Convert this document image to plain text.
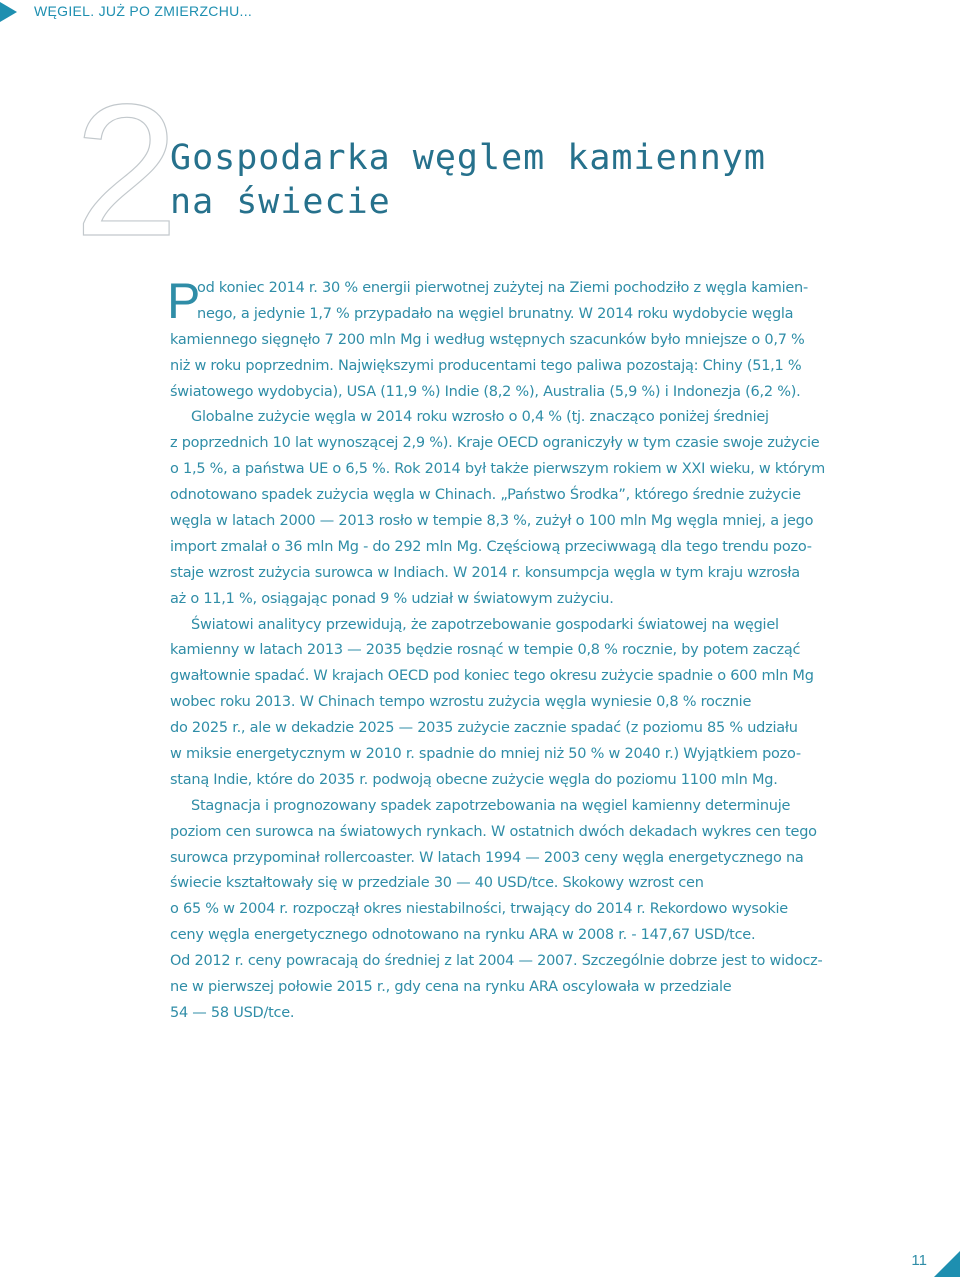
WĘGIEL. JUŻ PO ZMIERZCHU...
2
Gospodarka węglem kamiennym
na świecie
P
od koniec 2014 r. 30 % energii pierwotnej zużytej na Ziemi pochodziło z węgla kamien-
nego, a jedynie 1,7 % przypadało na węgiel brunatny. W 2014 roku wydobycie węgla
kamiennego sięgnęło 7 200 mln Mg i według wstępnych szacunków było mniejsze o 0,7 %
niż w roku poprzednim. Największymi producentami tego paliwa pozostają: Chiny (51,1 %
światowego wydobycia), USA (11,9 %) Indie (8,2 %), Australia (5,9 %) i Indonezja (6,2 %).
Globalne zużycie węgla w 2014 roku wzrosło o 0,4 % (tj. znacząco poniżej średniej
z poprzednich 10 lat wynoszącej 2,9 %). Kraje OECD ograniczyły w tym czasie swoje zużycie
o 1,5 %, a państwa UE o 6,5 %. Rok 2014 był także pierwszym rokiem w XXI wieku, w którym
odnotowano spadek zużycia węgla w Chinach. „Państwo Środka”, którego średnie zużycie
węgla w latach 2000 — 2013 rosło w tempie 8,3 %, zużył o 100 mln Mg węgla mniej, a jego
import zmalał o 36 mln Mg - do 292 mln Mg. Częściową przeciwwagą dla tego trendu pozo-
staje wzrost zużycia surowca w Indiach. W 2014 r. konsumpcja węgla w tym kraju wzrosła
aż o 11,1 %, osiągając ponad 9 % udział w światowym zużyciu.
Światowi analitycy przewidują, że zapotrzebowanie gospodarki światowej na węgiel
kamienny w latach 2013 — 2035 będzie rosnąć w tempie 0,8 % rocznie, by potem zacząć
gwałtownie spadać. W krajach OECD pod koniec tego okresu zużycie spadnie o 600 mln Mg
wobec roku 2013. W Chinach tempo wzrostu zużycia węgla wyniesie 0,8 % rocznie
do 2025 r., ale w dekadzie 2025 — 2035 zużycie zacznie spadać (z poziomu 85 % udziału
w miksie energetycznym w 2010 r. spadnie do mniej niż 50 % w 2040 r.) Wyjątkiem pozo-
staną Indie, które do 2035 r. podwoją obecne zużycie węgla do poziomu 1100 mln Mg.
Stagnacja i prognozowany spadek zapotrzebowania na węgiel kamienny determinuje
poziom cen surowca na światowych rynkach. W ostatnich dwóch dekadach wykres cen tego
surowca przypominał rollercoaster. W latach 1994 — 2003 ceny węgla energetycznego na
świecie kształtowały się w przedziale 30 — 40 USD/tce. Skokowy wzrost cen
o 65 % w 2004 r. rozpoczął okres niestabilności, trwający do 2014 r. Rekordowo wysokie
ceny węgla energetycznego odnotowano na rynku ARA w 2008 r. - 147,67 USD/tce.
Od 2012 r. ceny powracają do średniej z lat 2004 — 2007. Szczególnie dobrze jest to widocz-
ne w pierwszej połowie 2015 r., gdy cena na rynku ARA oscylowała w przedziale
54 — 58 USD/tce.
11
